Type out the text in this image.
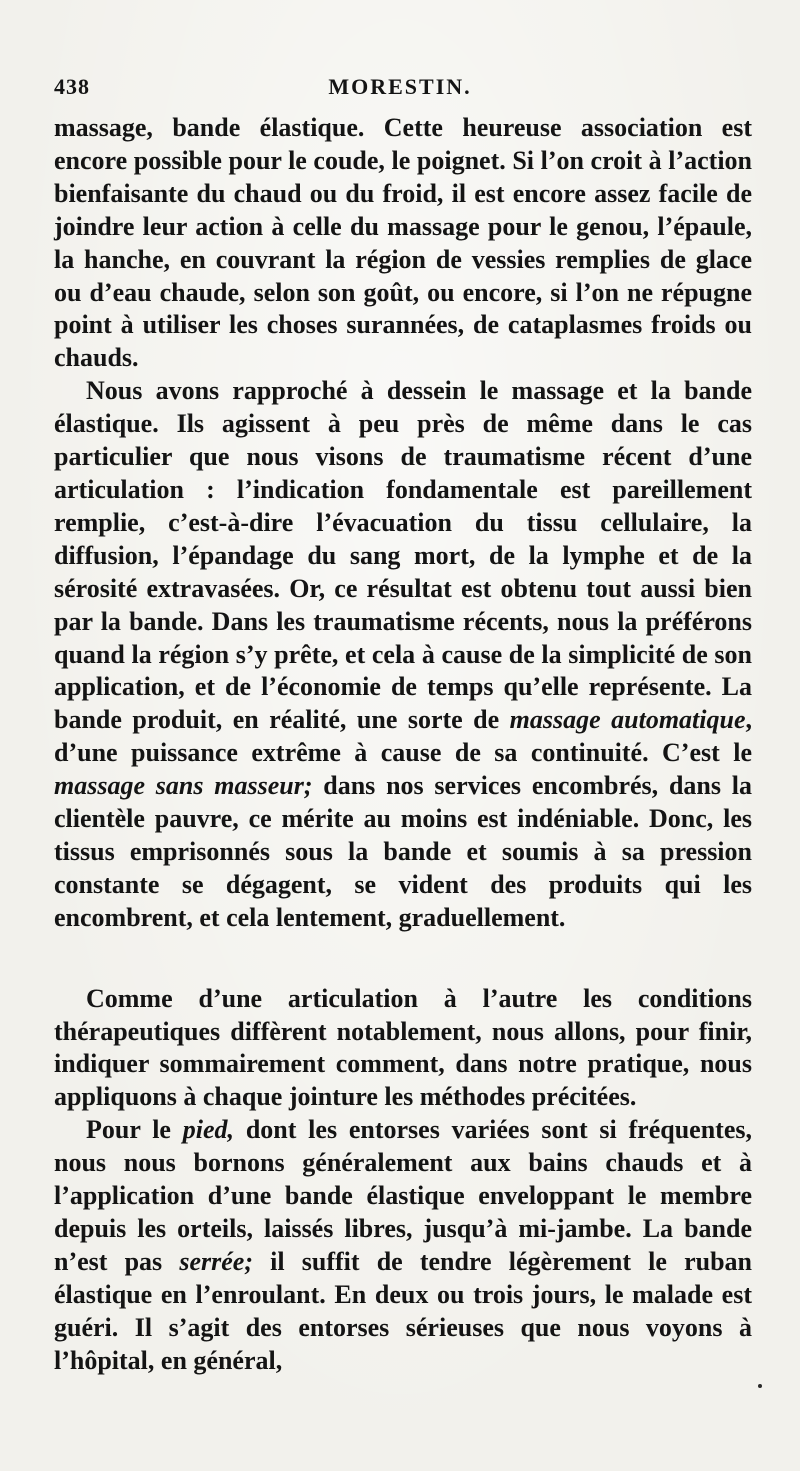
438	MORESTIN.

massage, bande élastique. Cette heureuse association est encore possible pour le coude, le poignet. Si l’on croit à l’action bienfaisante du chaud ou du froid, il est encore assez facile de joindre leur action à celle du massage pour le genou, l’épaule, la hanche, en couvrant la région de vessies remplies de glace ou d’eau chaude, selon son goût, ou encore, si l’on ne répugne point à utiliser les choses surannées, de cataplasmes froids ou chauds.

Nous avons rapproché à dessein le massage et la bande élastique. Ils agissent à peu près de même dans le cas particulier que nous visons de traumatisme récent d’une articulation : l’indication fondamentale est pareillement remplie, c’est-à-dire l’évacuation du tissu cellulaire, la diffusion, l’épandage du sang mort, de la lymphe et de la sérosité extravasées. Or, ce résultat est obtenu tout aussi bien par la bande. Dans les traumatisme récents, nous la préférons quand la région s’y prête, et cela à cause de la simplicité de son application, et de l’économie de temps qu’elle représente. La bande produit, en réalité, une sorte de massage automatique, d’une puissance extrême à cause de sa continuité. C’est le massage sans masseur; dans nos services encombrés, dans la clientèle pauvre, ce mérite au moins est indéniable. Donc, les tissus emprisonnés sous la bande et soumis à sa pression constante se dégagent, se vident des produits qui les encombrent, et cela lentement, graduellement.

Comme d’une articulation à l’autre les conditions thérapeutiques diffèrent notablement, nous allons, pour finir, indiquer sommairement comment, dans notre pratique, nous appliquons à chaque jointure les méthodes précitées.

Pour le pied, dont les entorses variées sont si fréquentes, nous nous bornons généralement aux bains chauds et à l’application d’une bande élastique enveloppant le membre depuis les orteils, laissés libres, jusqu’à mi-jambe. La bande n’est pas serrée; il suffit de tendre légèrement le ruban élastique en l’enroulant. En deux ou trois jours, le malade est guéri. Il s’agit des entorses sérieuses que nous voyons à l’hôpital, en général,
